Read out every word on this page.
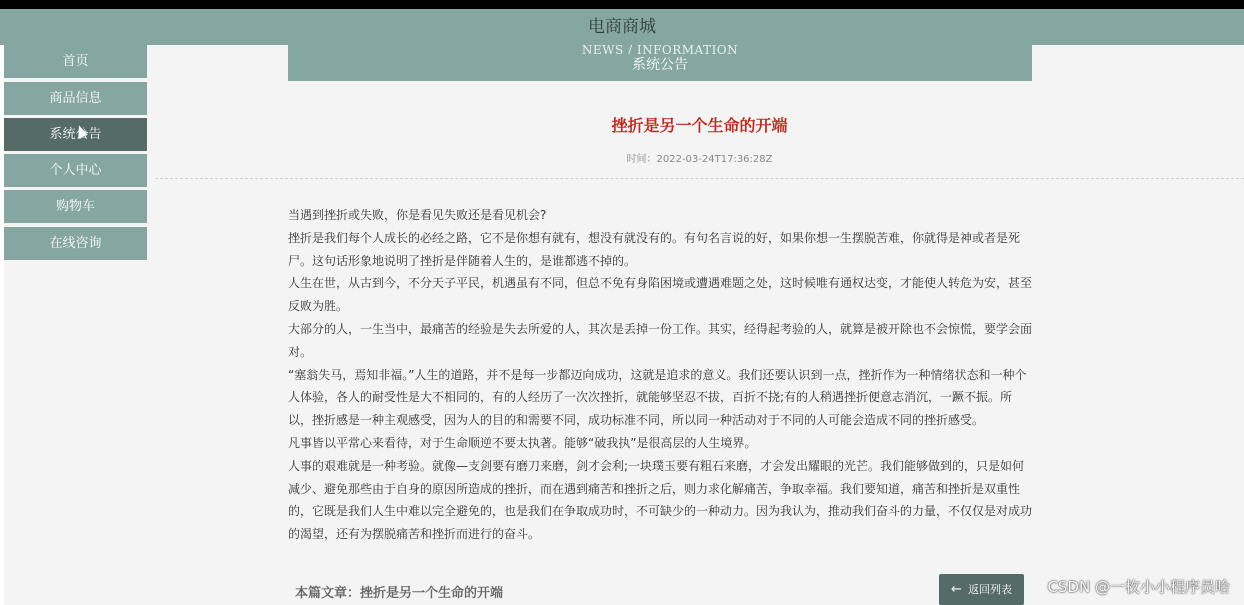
电商商城
首页
商品信息
系统公告
个人中心
购物车
在线咨询
NEWS / INFORMATION
系统公告
挫折是另一个生命的开端
时间：2022-03-24T17:36:28Z

当遇到挫折或失败，你是看见失败还是看见机会?

挫折是我们每个人成长的必经之路，它不是你想有就有，想没有就没有的。有句名言说的好，如果你想一生摆脱苦难，你就得是神或者是死尸。这句话形象地说明了挫折是伴随着人生的，是谁都逃不掉的。

人生在世，从古到今，不分天子平民，机遇虽有不同，但总不免有身陷困境或遭遇难题之处，这时候唯有通权达变，才能使人转危为安，甚至反败为胜。

大部分的人，一生当中，最痛苦的经验是失去所爱的人，其次是丢掉一份工作。其实，经得起考验的人，就算是被开除也不会惊慌，要学会面对。

“塞翁失马，焉知非福。”人生的道路，并不是每一步都迈向成功，这就是追求的意义。我们还要认识到一点，挫折作为一种情绪状态和一种个人体验，各人的耐受性是大不相同的，有的人经历了一次次挫折，就能够坚忍不拔，百折不挠;有的人稍遇挫折便意志消沉，一蹶不振。所以，挫折感是一种主观感受，因为人的目的和需要不同，成功标准不同，所以同一种活动对于不同的人可能会造成不同的挫折感受。

凡事皆以平常心来看待，对于生命顺逆不要太执著。能够“破我执”是很高层的人生境界。

人事的艰难就是一种考验。就像—支剑要有磨刀来磨，剑才会利;一块璞玉要有粗石来磨，才会发出耀眼的光芒。我们能够做到的，只是如何减少、避免那些由于自身的原因所造成的挫折，而在遇到痛苦和挫折之后，则力求化解痛苦，争取幸福。我们要知道，痛苦和挫折是双重性的，它既是我们人生中难以完全避免的，也是我们在争取成功时，不可缺少的一种动力。因为我认为，推动我们奋斗的力量，不仅仅是对成功的渴望，还有为摆脱痛苦和挫折而进行的奋斗。

本篇文章：挫折是另一个生命的开端	← 返回列表	CSDN @一枚小小程序员哈
